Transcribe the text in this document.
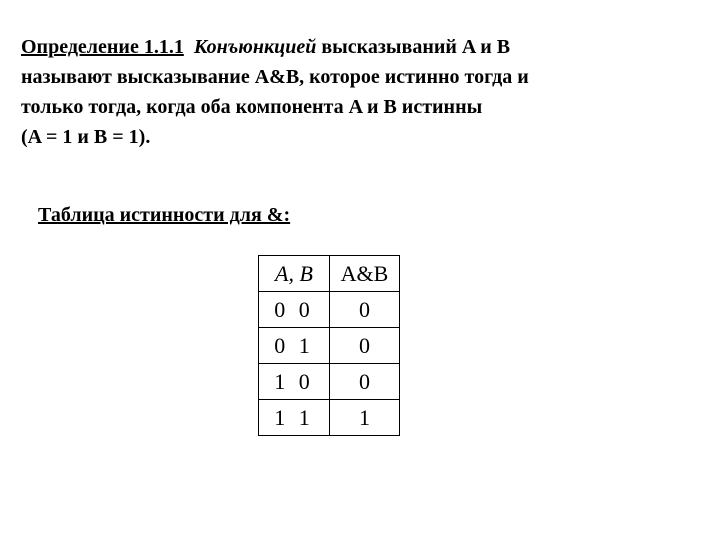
Определение 1.1.1 Конъюнкцией высказываний A и B
называют высказывание A&B, которое истинно тогда и
только тогда, когда оба компонента A и B истинны
(A = 1 и B = 1).
Таблица истинности для &:
A, B	A&B
0 0	0
0 1	0
1 0	0
1 1	1
